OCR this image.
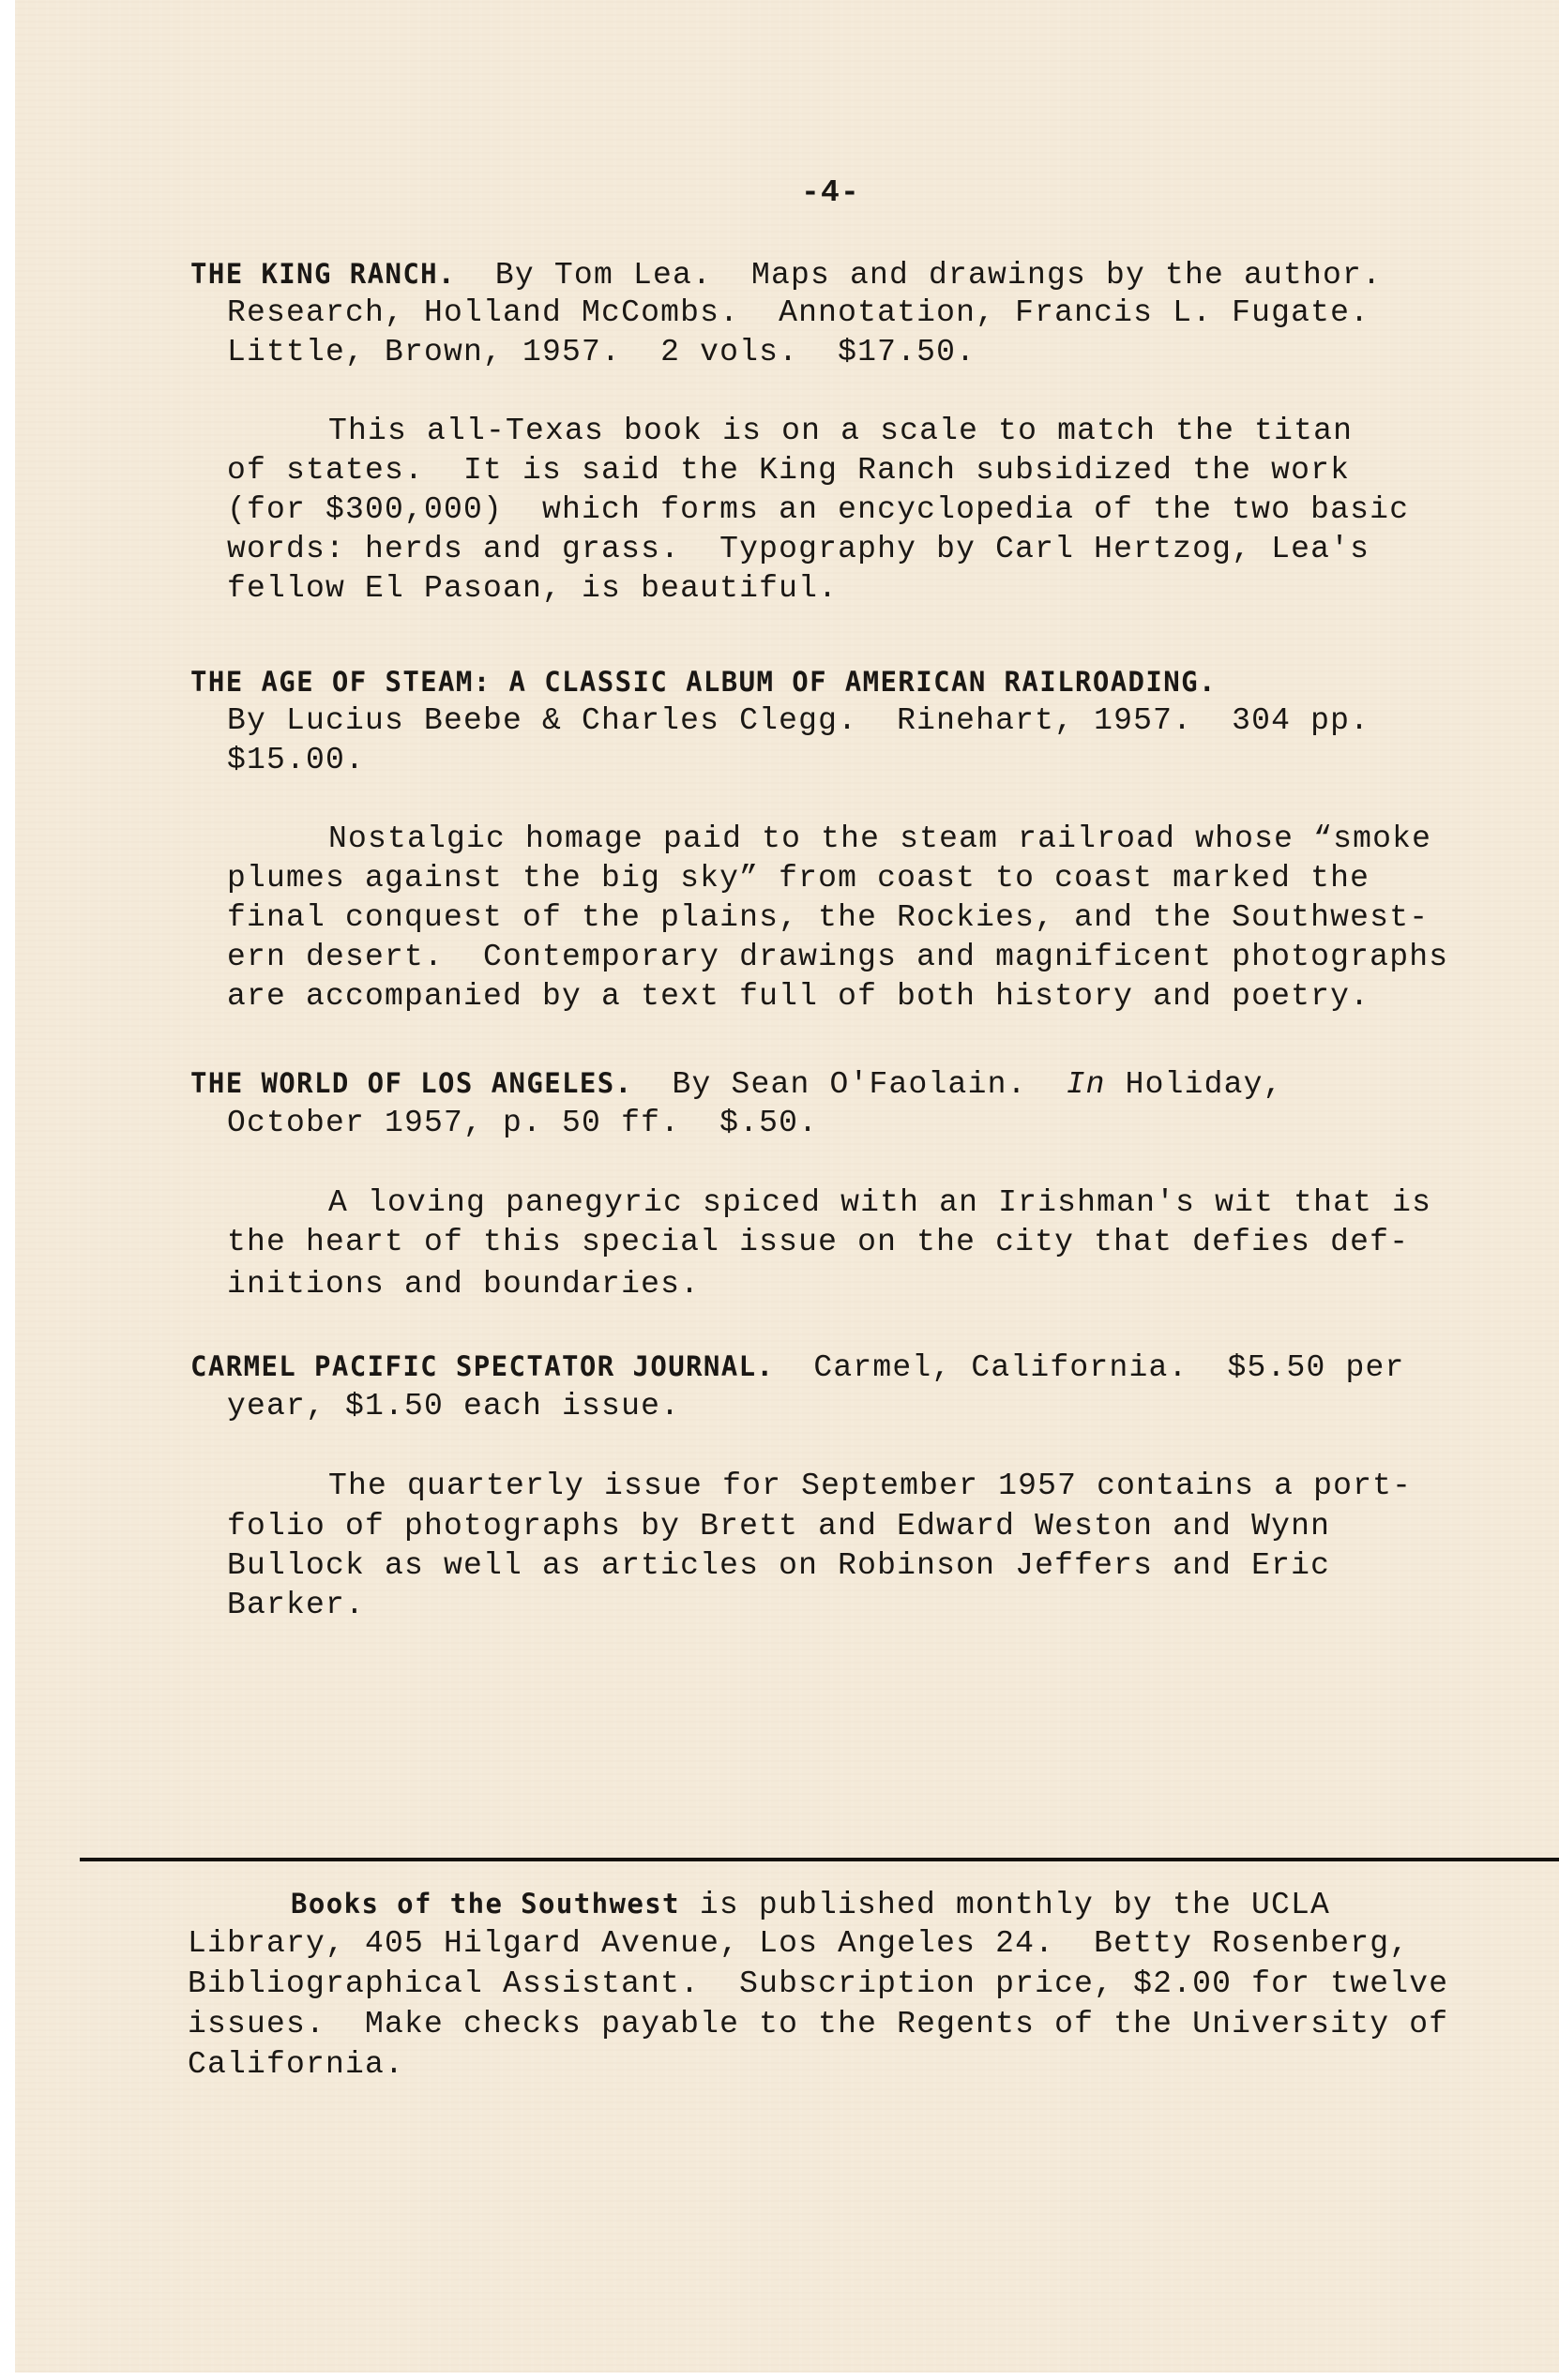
-4-
THE KING RANCH. By Tom Lea.  Maps and drawings by the author.
Research, Holland McCombs.  Annotation, Francis L. Fugate.
Little, Brown, 1957.  2 vols.  $17.50.
This all-Texas book is on a scale to match the titan
of states.  It is said the King Ranch subsidized the work
(for $300,000)  which forms an encyclopedia of the two basic
words: herds and grass.  Typography by Carl Hertzog, Lea's
fellow El Pasoan, is beautiful.
THE AGE OF STEAM: A CLASSIC ALBUM OF AMERICAN RAILROADING.
By Lucius Beebe & Charles Clegg.  Rinehart, 1957.  304 pp.
$15.00.
Nostalgic homage paid to the steam railroad whose “smoke
plumes against the big sky” from coast to coast marked the
final conquest of the plains, the Rockies, and the Southwest-
ern desert.  Contemporary drawings and magnificent photographs
are accompanied by a text full of both history and poetry.
THE WORLD OF LOS ANGELES. By Sean O'Faolain. In Holiday,
October 1957, p. 50 ff.  $.50.
A loving panegyric spiced with an Irishman's wit that is
the heart of this special issue on the city that defies def-
initions and boundaries.
CARMEL PACIFIC SPECTATOR JOURNAL. Carmel, California.  $5.50 per
year, $1.50 each issue.
The quarterly issue for September 1957 contains a port-
folio of photographs by Brett and Edward Weston and Wynn
Bullock as well as articles on Robinson Jeffers and Eric
Barker.
Books of the Southwest is published monthly by the UCLA
Library, 405 Hilgard Avenue, Los Angeles 24.  Betty Rosenberg,
Bibliographical Assistant.  Subscription price, $2.00 for twelve
issues.  Make checks payable to the Regents of the University of
California.
